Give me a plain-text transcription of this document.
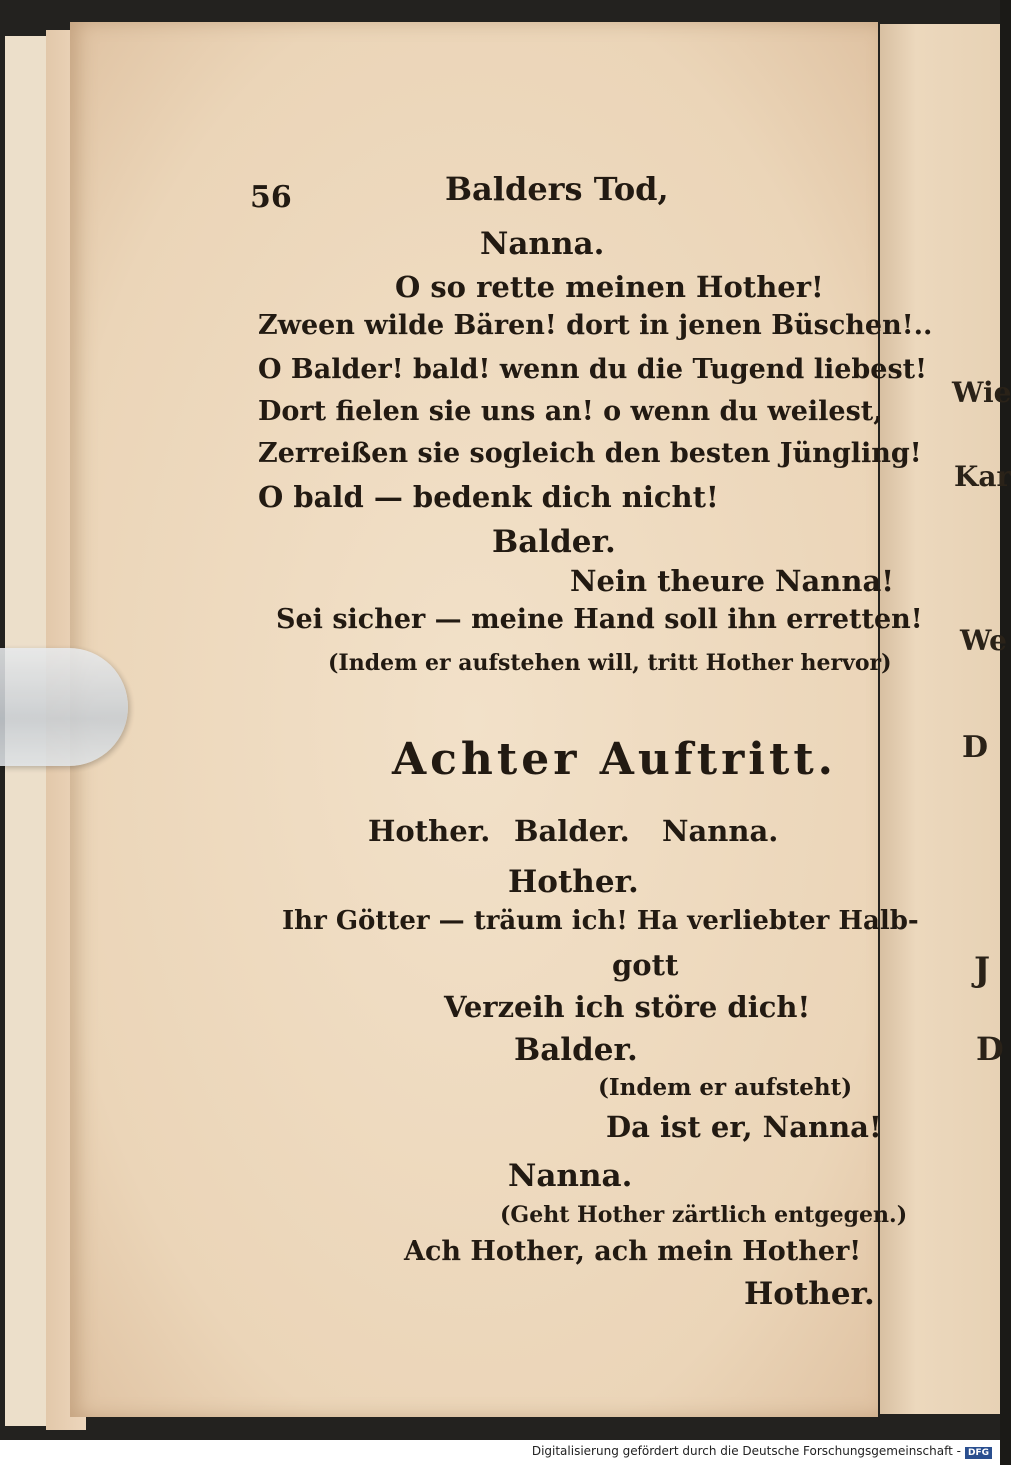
Wie
Kar
We
D
J
D
56	Balders Tod,
Nanna.
O so rette meinen Hother!
Zween wilde Bären! dort in jenen Büschen!..
O Balder! bald! wenn du die Tugend liebest!
Dort fielen sie uns an! o wenn du weilest,
Zerreißen sie sogleich den besten Jüngling!
O bald — bedenk dich nicht!
Balder.
Nein theure Nanna!
Sei sicher — meine Hand soll ihn erretten!
(Indem er aufstehen will, tritt Hother hervor)
Achter Auftritt.
Hother. Balder. Nanna.
Hother.
Ihr Götter — träum ich! Ha verliebter Halb-
gott
Verzeih ich störe dich!
Balder.
(Indem er aufsteht)
Da ist er, Nanna!
Nanna.
(Geht Hother zärtlich entgegen.)
Ach Hother, ach mein Hother!
Hother.
Digitalisierung gefördert durch die Deutsche Forschungsgemeinschaft - DFG
